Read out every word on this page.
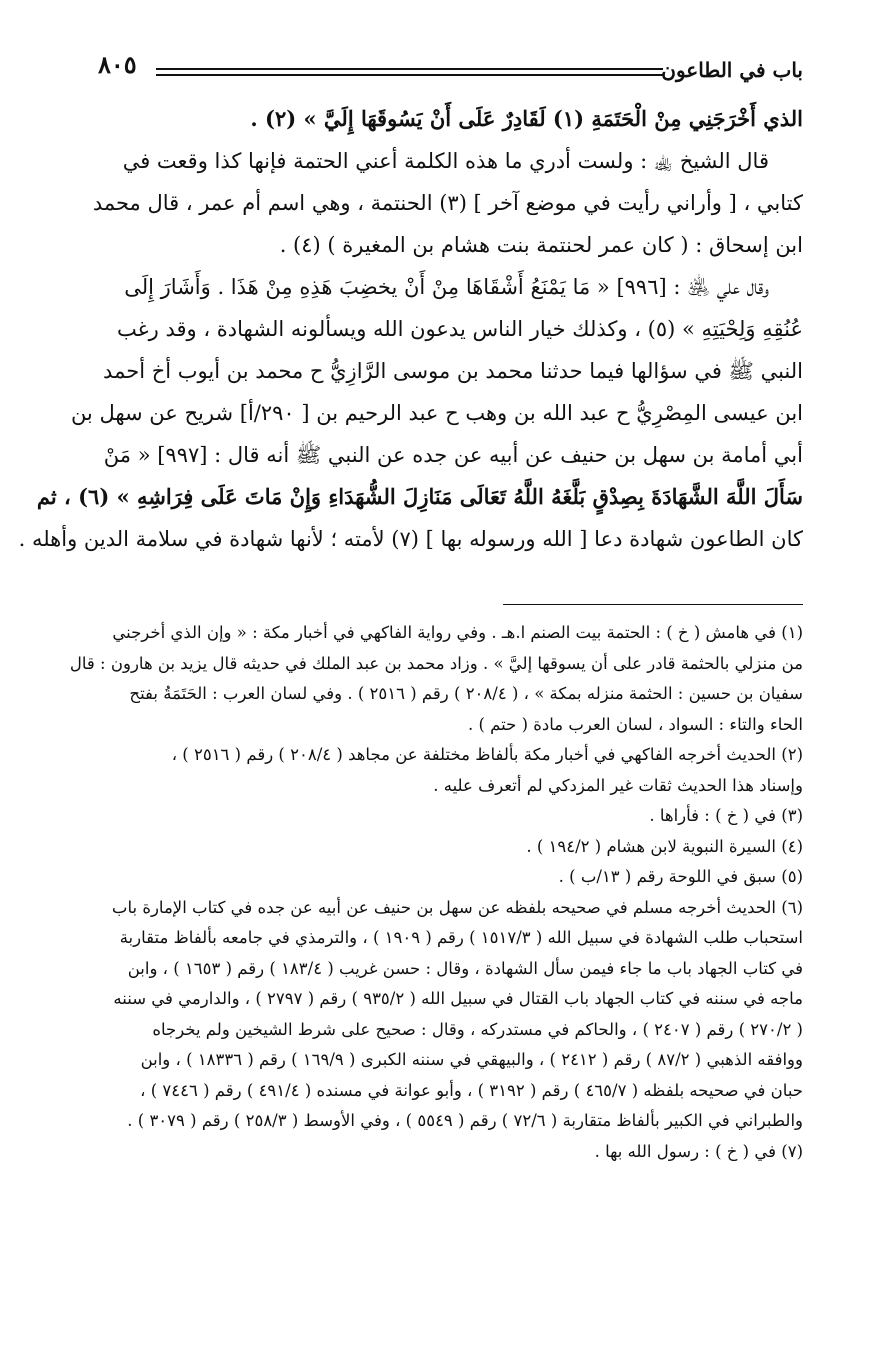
باب في الطاعون
٨٠٥
الذي أَخْرَجَنِي مِنْ الْحَتَمَةِ (١) لَقَادِرٌ عَلَى أَنْ يَسُوقَهَا إِلَيَّ » (٢) .
قال الشيخ ﵀ : ولست أدري ما هذه الكلمة أعني الحتمة فإنها كذا وقعت في
كتابي ، [ وأراني رأيت في موضع آخر ] (٣) الحنتمة ، وهي اسم أم عمر ، قال محمد
ابن إسحاق : ( كان عمر لحنتمة بنت هشام بن المغيرة ) (٤) .
وقال علي ﵁ : [٩٩٦] « مَا يَمْنَعُ أَشْقَاهَا مِنْ أَنْ يخضِبَ هَذِهِ مِنْ هَذَا . وَأَشَارَ إِلَى
عُنُقِهِ وَلِحْيَتِهِ » (٥) ، وكذلك خيار الناس يدعون الله ويسألونه الشهادة ، وقد رغب
النبي ﷺ في سؤالها فيما حدثنا محمد بن موسى الرَّازِيُّ ح محمد بن أيوب أخ أحمد
ابن عيسى المِصْرِيُّ ح عبد الله بن وهب ح عبد الرحيم بن [ ٢٩٠/أ] شريح عن سهل بن
أبي أمامة بن سهل بن حنيف عن أبيه عن جده عن النبي ﷺ أنه قال : [٩٩٧] « مَنْ
سَأَلَ اللَّهَ الشَّهَادَةَ بِصِدْقٍ بَلَّغَهُ اللَّهُ تَعَالَى مَنَازِلَ الشُّهَدَاءِ وَإِنْ مَاتَ عَلَى فِرَاشِهِ » (٦) ، ثم
كان الطاعون شهادة دعا [ الله ورسوله بها ] (٧) لأمته ؛ لأنها شهادة في سلامة الدين وأهله .
(١) في هامش ( خ ) : الحتمة بيت الصنم ا.هـ . وفي رواية الفاكهي في أخبار مكة : « وإن الذي أخرجني
من منزلي بالحثمة قادر على أن يسوقها إليَّ » . وزاد محمد بن عبد الملك في حديثه قال يزيد بن هارون : قال
سفيان بن حسين : الحثمة منزله بمكة » ، ( ٢٠٨/٤ ) رقم ( ٢٥١٦ ) . وفي لسان العرب : الحَتَمَةُ بفتح
الحاء والتاء : السواد ، لسان العرب مادة ( حتم ) .
(٢) الحديث أخرجه الفاكهي في أخبار مكة بألفاظ مختلفة عن مجاهد ( ٢٠٨/٤ ) رقم ( ٢٥١٦ ) ،
وإسناد هذا الحديث ثقات غير المزدكي لم أتعرف عليه .
(٣) في ( خ ) : فأراها .
(٤) السيرة النبوية لابن هشام ( ١٩٤/٢ ) .
(٥) سبق في اللوحة رقم ( ١٣/ب ) .
(٦) الحديث أخرجه مسلم في صحيحه بلفظه عن سهل بن حنيف عن أبيه عن جده في كتاب الإمارة باب
استحباب طلب الشهادة في سبيل الله ( ١٥١٧/٣ ) رقم ( ١٩٠٩ ) ، والترمذي في جامعه بألفاظ متقاربة
في كتاب الجهاد باب ما جاء فيمن سأل الشهادة ، وقال : حسن غريب ( ١٨٣/٤ ) رقم ( ١٦٥٣ ) ، وابن
ماجه في سننه في كتاب الجهاد باب القتال في سبيل الله ( ٩٣٥/٢ ) رقم ( ٢٧٩٧ ) ، والدارمي في سننه
( ٢٧٠/٢ ) رقم ( ٢٤٠٧ ) ، والحاكم في مستدركه ، وقال : صحيح على شرط الشيخين ولم يخرجاه
ووافقه الذهبي ( ٨٧/٢ ) رقم ( ٢٤١٢ ) ، والبيهقي في سننه الكبرى ( ١٦٩/٩ ) رقم ( ١٨٣٣٦ ) ، وابن
حبان في صحيحه بلفظه ( ٤٦٥/٧ ) رقم ( ٣١٩٢ ) ، وأبو عوانة في مسنده ( ٤٩١/٤ ) رقم ( ٧٤٤٦ ) ،
والطبراني في الكبير بألفاظ متقاربة ( ٧٢/٦ ) رقم ( ٥٥٤٩ ) ، وفي الأوسط ( ٢٥٨/٣ ) رقم ( ٣٠٧٩ ) .
(٧) في ( خ ) : رسول الله بها .
